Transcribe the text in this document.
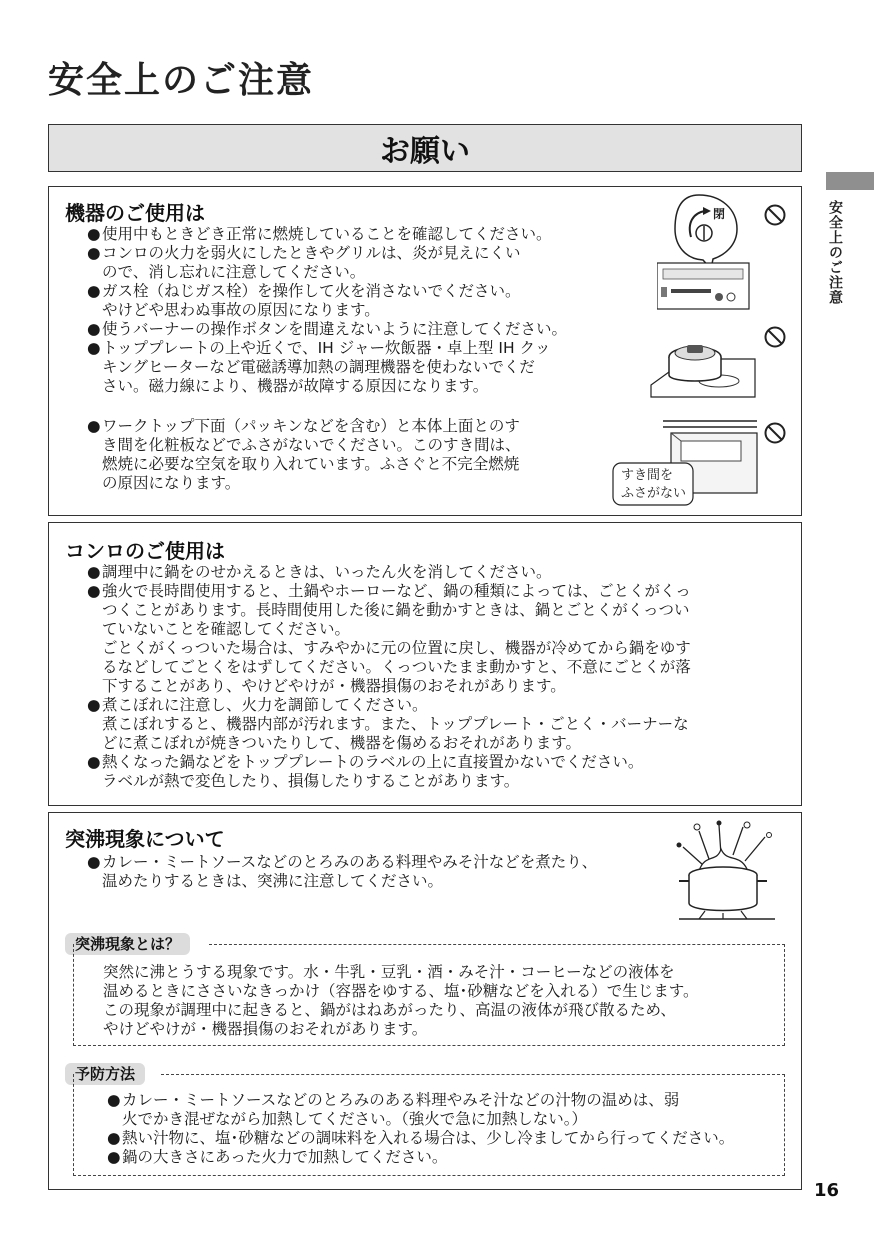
安全上のご注意
お願い
安全上のご注意
16
機器のご使用は
● 使用中もときどき正常に燃焼していることを確認してください。
● コンロの火力を弱火にしたときやグリルは、炎が見えにくい
ので、消し忘れに注意してください。
● ガス栓（ねじガス栓）を操作して火を消さないでください。
やけどや思わぬ事故の原因になります。
● 使うバーナーの操作ボタンを間違えないように注意してください。
● トッププレートの上や近くで、IH ジャー炊飯器・卓上型 IH クッ
キングヒーターなど電磁誘導加熱の調理機器を使わないでくだ
さい。磁力線により、機器が故障する原因になります。
● ワークトップ下面（パッキンなどを含む）と本体上面とのす
き間を化粧板などでふさがないでください。このすき間は、
燃焼に必要な空気を取り入れています。ふさぐと不完全燃焼
の原因になります。
閉
すき間を
ふさがない
コンロのご使用は
● 調理中に鍋をのせかえるときは、いったん火を消してください。
● 強火で長時間使用すると、土鍋やホーローなど、鍋の種類によっては、ごとくがくっ
つくことがあります。長時間使用した後に鍋を動かすときは、鍋とごとくがくっつい
ていないことを確認してください。
ごとくがくっついた場合は、すみやかに元の位置に戻し、機器が冷めてから鍋をゆす
るなどしてごとくをはずしてください。くっついたまま動かすと、不意にごとくが落
下することがあり、やけどやけが・機器損傷のおそれがあります。
● 煮こぼれに注意し、火力を調節してください。
煮こぼれすると、機器内部が汚れます。また、トッププレート・ごとく・バーナーな
どに煮こぼれが焼きついたりして、機器を傷めるおそれがあります。
● 熱くなった鍋などをトッププレートのラベルの上に直接置かないでください。
ラベルが熱で変色したり、損傷したりすることがあります。
突沸現象について
● カレー・ミートソースなどのとろみのある料理やみそ汁などを煮たり、
温めたりするときは、突沸に注意してください。
突沸現象とは？
突然に沸とうする現象です。水・牛乳・豆乳・酒・みそ汁・コーヒーなどの液体を
温めるときにささいなきっかけ（容器をゆする、塩･砂糖などを入れる）で生じます。
この現象が調理中に起きると、鍋がはねあがったり、高温の液体が飛び散るため、
やけどやけが・機器損傷のおそれがあります。
予防方法
● カレー・ミートソースなどのとろみのある料理やみそ汁などの汁物の温めは、弱
火でかき混ぜながら加熱してください。（強火で急に加熱しない。）
● 熱い汁物に、塩･砂糖などの調味料を入れる場合は、少し冷ましてから行ってください。
● 鍋の大きさにあった火力で加熱してください。
